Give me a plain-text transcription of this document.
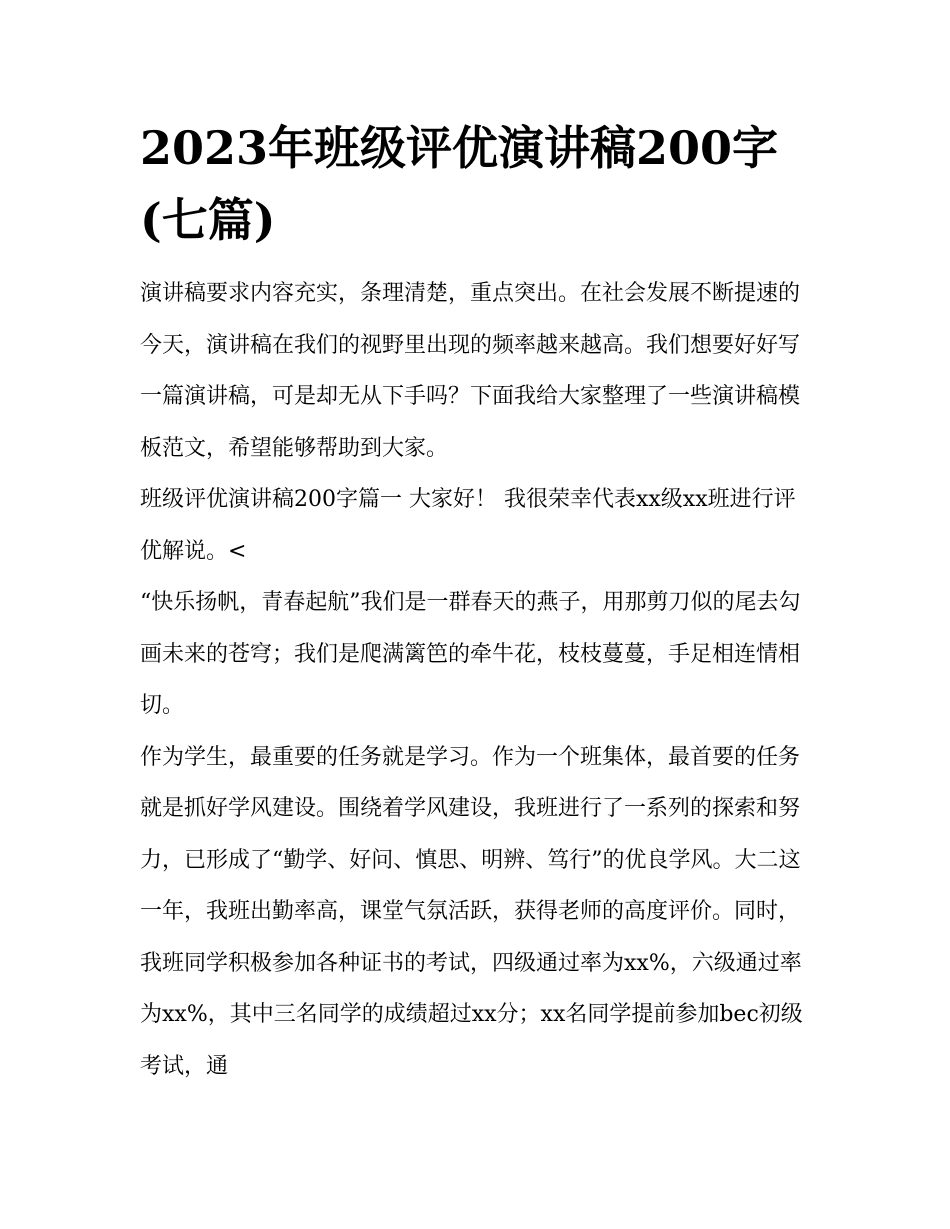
2023年班级评优演讲稿200字(七篇)

演讲稿要求内容充实，条理清楚，重点突出。在社会发展不断提速的今天，演讲稿在我们的视野里出现的频率越来越高。我们想要好好写一篇演讲稿，可是却无从下手吗？下面我给大家整理了一些演讲稿模板范文，希望能够帮助到大家。

班级评优演讲稿200字篇一 大家好！ 我很荣幸代表xx级xx班进行评优解说。<

“快乐扬帆，青春起航”我们是一群春天的燕子，用那剪刀似的尾去勾画未来的苍穹；我们是爬满篱笆的牵牛花，枝枝蔓蔓，手足相连情相切。

作为学生，最重要的任务就是学习。作为一个班集体，最首要的任务就是抓好学风建设。围绕着学风建设，我班进行了一系列的探索和努力，已形成了“勤学、好问、慎思、明辨、笃行”的优良学风。大二这一年，我班出勤率高，课堂气氛活跃，获得老师的高度评价。同时，我班同学积极参加各种证书的考试，四级通过率为xx%，六级通过率为xx%，其中三名同学的成绩超过xx分；xx名同学提前参加bec初级考试，通
